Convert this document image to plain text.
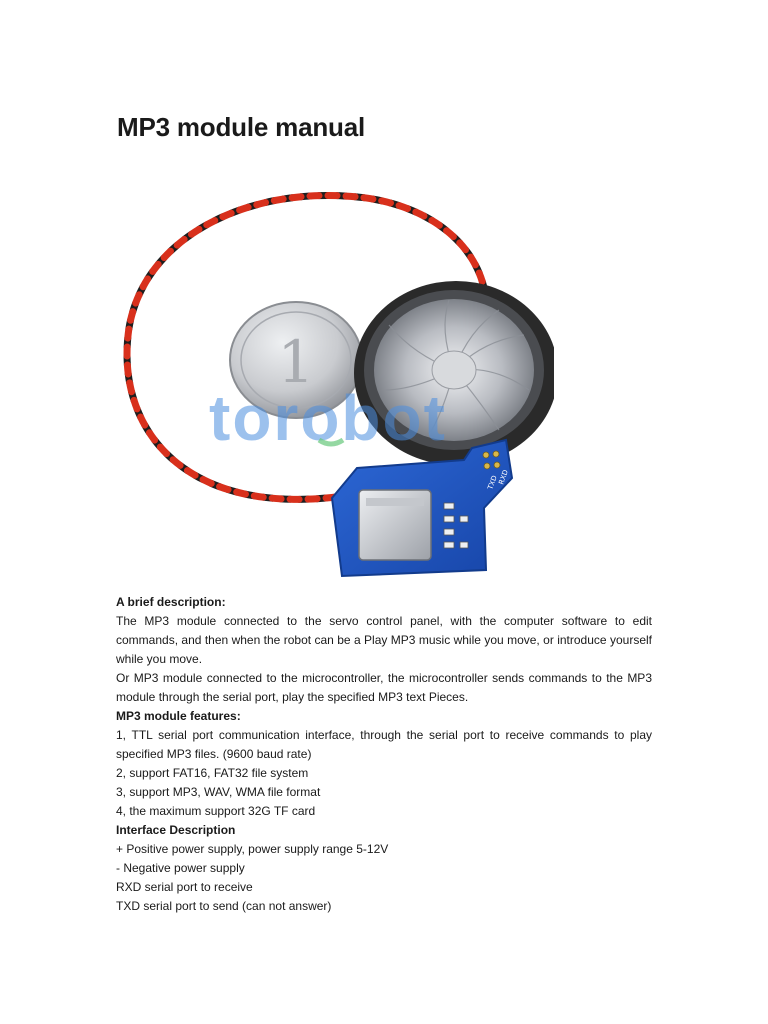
MP3 module manual
1
torobot
TXD
RXD

A brief description:

The MP3 module connected to the servo control panel, with the computer software to edit commands, and then when the robot can be a Play MP3 music while you move, or introduce yourself while you move.

Or MP3 module connected to the microcontroller, the microcontroller sends commands to the MP3 module through the serial port, play the specified MP3 text Pieces.

MP3 module features:

1, TTL serial port communication interface, through the serial port to receive commands to play specified MP3 files. (9600 baud rate)

2, support FAT16, FAT32 file system

3, support MP3, WAV, WMA file format

4, the maximum support 32G TF card

Interface Description

+ Positive power supply, power supply range 5-12V

- Negative power supply

RXD serial port to receive

TXD serial port to send (can not answer)
